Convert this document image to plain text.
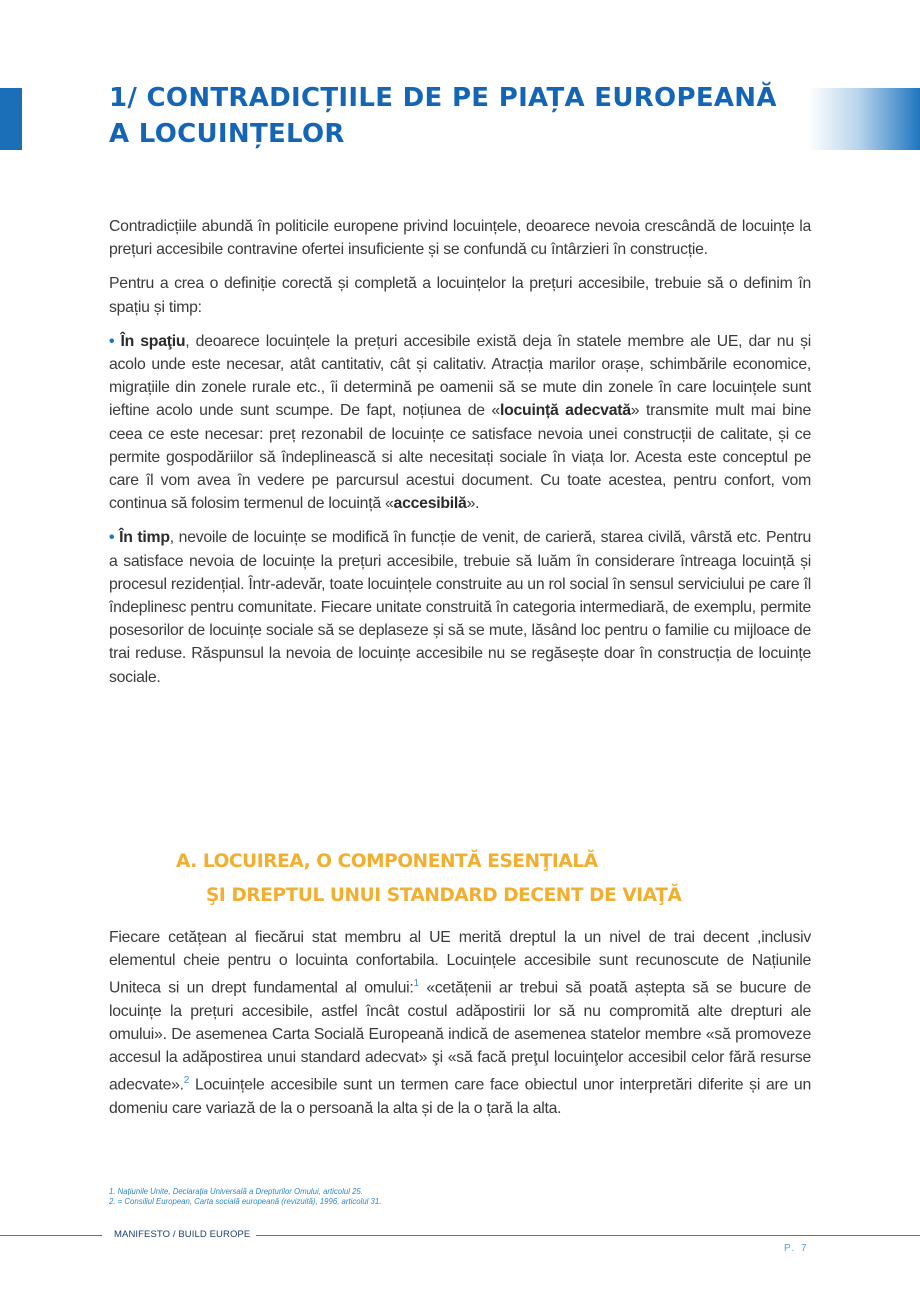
1/ CONTRADICȚIILE DE PE PIAȚA EUROPEANĂ
A LOCUINȚELOR

Contradicțiile abundă în politicile europene privind locuințele, deoarece nevoia crescândă de locuințe la prețuri accesibile contravine ofertei insuficiente și se confundă cu întârzieri în construcție.

Pentru a crea o definiție corectă și completă a locuințelor la prețuri accesibile, trebuie să o definim în spațiu și timp:

• În spaţiu, deoarece locuințele la prețuri accesibile există deja în statele membre ale UE, dar nu și acolo unde este necesar, atât cantitativ, cât și calitativ. Atracția marilor orașe, schimbările economice, migrațiile din zonele rurale etc., îi determină pe oamenii să se mute din zonele în care locuințele sunt ieftine acolo unde sunt scumpe. De fapt, noțiunea de «locuință adecvată» transmite mult mai bine ceea ce este necesar: preț rezonabil de locuințe ce satisface nevoia unei construcții de calitate, și ce permite gospodăriilor să îndeplinească si alte necesitați sociale în viața lor. Acesta este conceptul pe care îl vom avea în vedere pe parcursul acestui document. Cu toate acestea, pentru confort, vom continua să folosim termenul de locuință «accesibilă».

• În timp, nevoile de locuințe se modifică în funcție de venit, de carieră, starea civilă, vârstă etc. Pentru a satisface nevoia de locuințe la prețuri accesibile, trebuie să luăm în considerare întreaga locuință și procesul rezidențial. Într-adevăr, toate locuințele construite au un rol social în sensul serviciului pe care îl îndeplinesc pentru comunitate. Fiecare unitate construită în categoria intermediară, de exemplu, permite posesorilor de locuințe sociale să se deplaseze și să se mute, lăsând loc pentru o familie cu mijloace de trai reduse. Răspunsul la nevoia de locuințe accesibile nu se regăsește doar în construcția de locuințe sociale.

A. LOCUIREA, O COMPONENTĂ ESENŢIALĂ
ŞI DREPTUL UNUI STANDARD DECENT DE VIAŢĂ

Fiecare cetățean al fiecărui stat membru al UE merită dreptul la un nivel de trai decent ,inclusiv elementul cheie pentru o locuinta confortabila. Locuințele accesibile sunt recunoscute de Națiunile Uniteca si un drept fundamental al omului:$^1$ «cetățenii ar trebui să poată aștepta să se bucure de locuințe la prețuri accesibile, astfel încât costul adăpostirii lor să nu compromită alte drepturi ale omului». De asemenea Carta Socială Europeană indică de asemenea statelor membre «să promoveze accesul la adăpostirea unui standard adecvat» şi «să facă preţul locuinţelor accesibil celor fără resurse adecvate».$^2$ Locuințele accesibile sunt un termen care face obiectul unor interpretări diferite și are un domeniu care variază de la o persoană la alta și de la o țară la alta.

1. Națiunile Unite, Declarația Universală a Drepturilor Omului, articolul 25.
2. = Consiliul European, Carta socială europeană (revizuită), 1996, articolul 31.
MANIFESTO / BUILD EUROPE
P. 7
